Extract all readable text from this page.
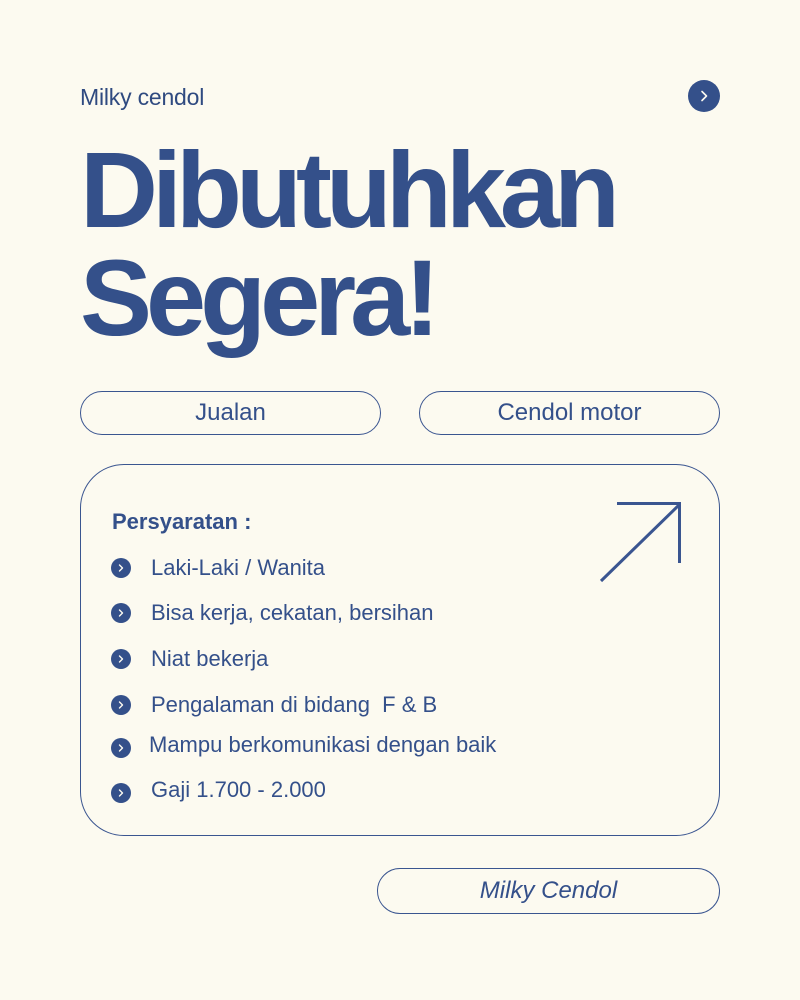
Milky cendol
Dibutuhkan
Segera!
Jualan	Cendol motor
Persyaratan :
Laki-Laki / Wanita
Bisa kerja, cekatan, bersihan
Niat bekerja
Pengalaman di bidang  F & B
Mampu berkomunikasi dengan baik
Gaji 1.700 - 2.000
Milky Cendol
